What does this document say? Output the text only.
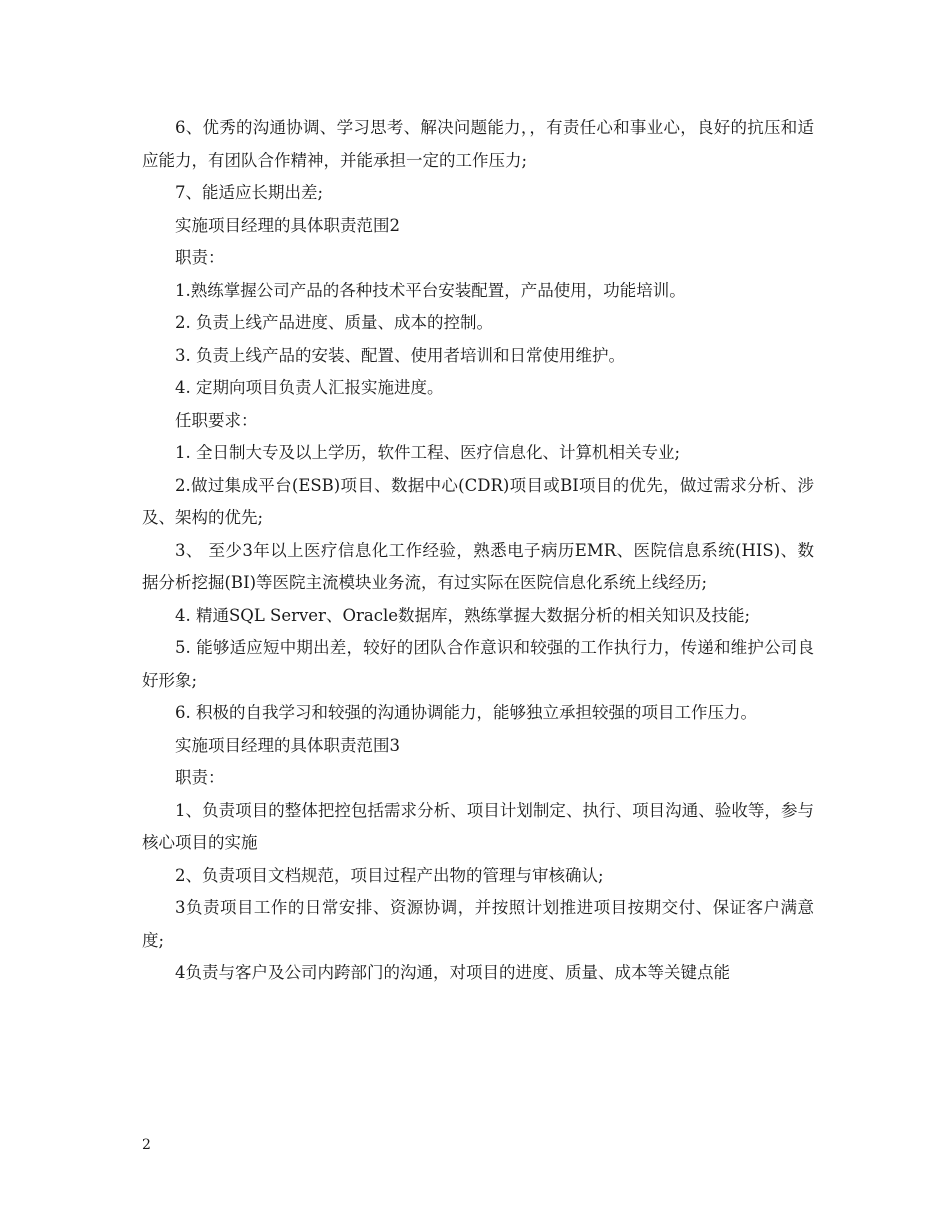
6、优秀的沟通协调、学习思考、解决问题能力，，有责任心和事业心，良好的抗压和适应能力，有团队合作精神，并能承担一定的工作压力;

7、能适应长期出差;

实施项目经理的具体职责范围2

职责：

1.熟练掌握公司产品的各种技术平台安装配置，产品使用，功能培训。

2. 负责上线产品进度、质量、成本的控制。

3. 负责上线产品的安装、配置、使用者培训和日常使用维护。

4. 定期向项目负责人汇报实施进度。

任职要求：

1. 全日制大专及以上学历，软件工程、医疗信息化、计算机相关专业;

2.做过集成平台(ESB)项目、数据中心(CDR)项目或BI项目的优先，做过需求分析、涉及、架构的优先;

3、 至少3年以上医疗信息化工作经验，熟悉电子病历EMR、医院信息系统(HIS)、数据分析挖掘(BI)等医院主流模块业务流，有过实际在医院信息化系统上线经历;

4. 精通SQL Server、Oracle数据库，熟练掌握大数据分析的相关知识及技能;

5. 能够适应短中期出差，较好的团队合作意识和较强的工作执行力，传递和维护公司良好形象;

6. 积极的自我学习和较强的沟通协调能力，能够独立承担较强的项目工作压力。

实施项目经理的具体职责范围3

职责：

1、负责项目的整体把控包括需求分析、项目计划制定、执行、项目沟通、验收等，参与核心项目的实施

2、负责项目文档规范，项目过程产出物的管理与审核确认;

3负责项目工作的日常安排、资源协调，并按照计划推进项目按期交付、保证客户满意度;

4负责与客户及公司内跨部门的沟通，对项目的进度、质量、成本等关键点能

2
